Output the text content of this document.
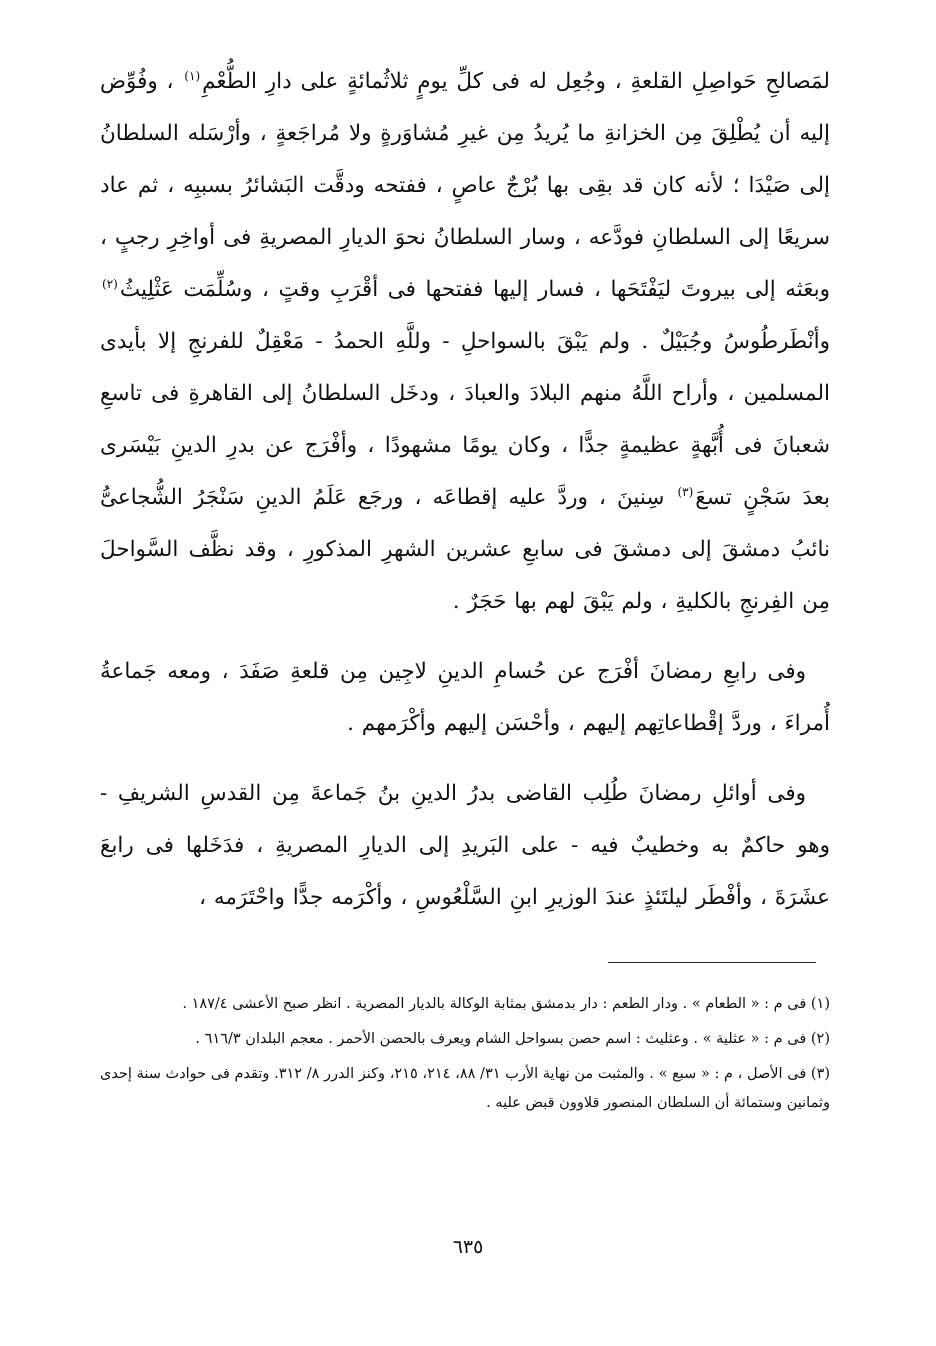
لمَصالحِ حَواصِلِ القلعةِ ، وجُعِل له فى كلِّ يومٍ ثلاثُمائةٍ على دارِ الطُّعْمِ$^{(١)}$ ، وفُوِّض إليه أن يُطْلِقَ مِن الخزانةِ ما يُريدُ مِن غيرِ مُشاوَرةٍ ولا مُراجَعةٍ ، وأرْسَله السلطانُ إلى صَيْدَا ؛ لأنه كان قد بقِى بها بُرْجٌ عاصٍ ، ففتحه ودقَّت البَشائرُ بسببِه ، ثم عاد سريعًا إلى السلطانِ فودَّعه ، وسار السلطانُ نحوَ الديارِ المصريةِ فى أواخِرِ رجبٍ ، وبعَثه إلى بيروتَ ليَفْتَحَها ، فسار إليها ففتحها فى أقْرَبِ وقتٍ ، وسُلِّمَت عَثْلِيثُ$^{(٢)}$ وأنْطَرطُوسُ وجُبَيْلٌ . ولم يَبْقَ بالسواحلِ - وللَّهِ الحمدُ - مَعْقِلٌ للفرنجِ إلا بأيدى المسلمين ، وأراح اللَّهُ منهم البلادَ والعبادَ ، ودخَل السلطانُ إلى القاهرةِ فى تاسعِ شعبانَ فى أُبَّهةٍ عظيمةٍ جدًّا ، وكان يومًا مشهودًا ، وأفْرَج عن بدرِ الدينِ بَيْسَرى بعدَ سَجْنٍ تسعَ$^{(٣)}$ سِنينَ ، وردَّ عليه إقطاعَه ، ورجَع عَلَمُ الدينِ سَنْجَرُ الشُّجاعىُّ نائبُ دمشقَ إلى دمشقَ فى سابعِ عشرين الشهرِ المذكورِ ، وقد نظَّف السَّواحلَ مِن الفِرنجِ بالكليةِ ، ولم يَبْقَ لهم بها حَجَرٌ .

وفى رابعِ رمضانَ أفْرَج عن حُسامِ الدينِ لاجِين مِن قلعةِ صَفَدَ ، ومعه جَماعةُ أُمراءَ ، وردَّ إقْطاعاتِهم إليهم ، وأحْسَن إليهم وأكْرَمهم .

وفى أوائلِ رمضانَ طُلِب القاضى بدرُ الدينِ بنُ جَماعةَ مِن القدسِ الشريفِ - وهو حاكمٌ به وخطيبٌ فيه - على البَريدِ إلى الديارِ المصريةِ ، فدَخَلها فى رابعَ عشَرَةَ ، وأفْطَر ليلتَئذٍ عندَ الوزيرِ ابنِ السَّلْعُوسِ ، وأكْرَمه جدًّا واحْتَرَمه ،

(١) فى م : « الطعام » . ودار الطعم : دار بدمشق بمثابة الوكالة بالديار المصرية . انظر صبح الأعشى ١٨٧/٤ .

(٢) فى م : « عثلية » . وعثليث : اسم حصن بسواحل الشام ويعرف بالحصن الأحمر . معجم البلدان ٦١٦/٣ .

(٣) فى الأصل ، م : « سبع » . والمثبت من نهاية الأرب ٣١/ ٨٨، ٢١٤، ٢١٥، وكنز الدرر ٨/ ٣١٢. وتقدم فى حوادث سنة إحدى وثمانين وستمائة أن السلطان المنصور قلاوون قبض عليه .

٦٣٥
